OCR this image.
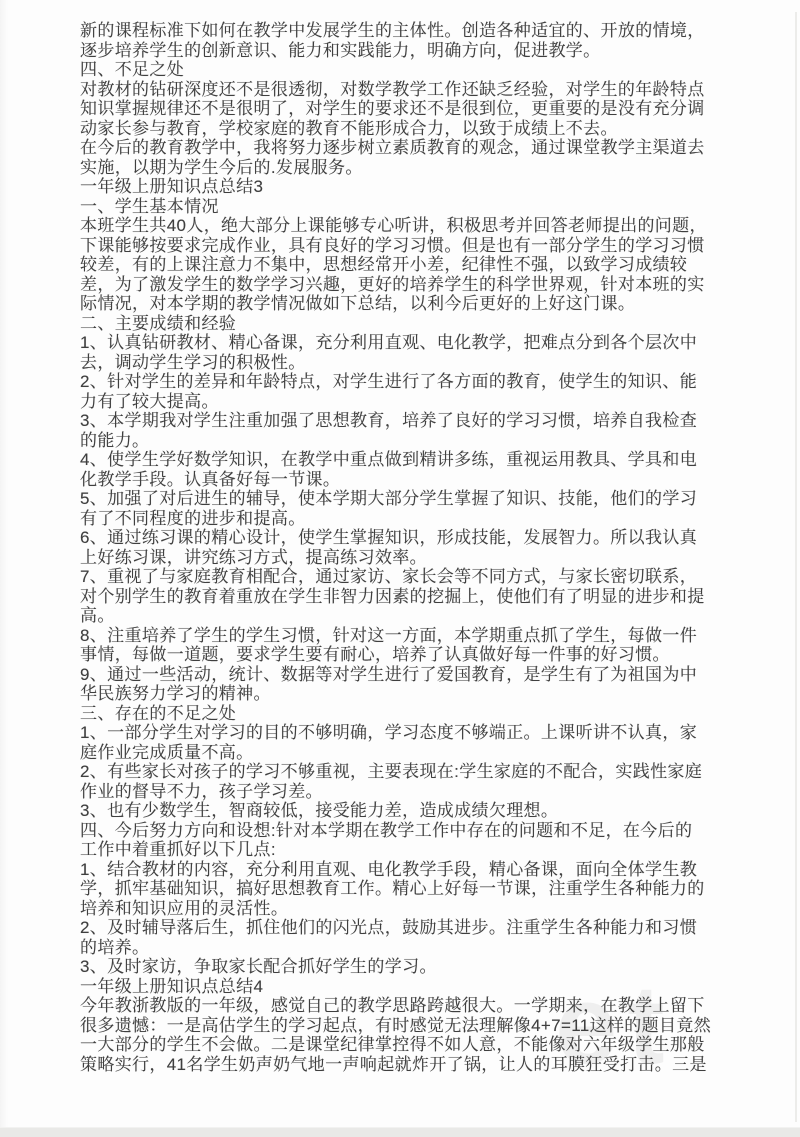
et
新的课程标准下如何在教学中发展学生的主体性。创造各种适宜的、开放的情境，
逐步培养学生的创新意识、能力和实践能力，明确方向，促进教学。
四、不足之处
对教材的钻研深度还不是很透彻，对数学教学工作还缺乏经验，对学生的年龄特点
知识掌握规律还不是很明了，对学生的要求还不是很到位，更重要的是没有充分调
动家长参与教育，学校家庭的教育不能形成合力，以致于成绩上不去。
在今后的教育教学中，我将努力逐步树立素质教育的观念，通过课堂教学主渠道去
实施，以期为学生今后的.发展服务。
一年级上册知识点总结3
一、学生基本情况
本班学生共40人，绝大部分上课能够专心听讲，积极思考并回答老师提出的问题，
下课能够按要求完成作业，具有良好的学习习惯。但是也有一部分学生的学习习惯
较差，有的上课注意力不集中，思想经常开小差，纪律性不强，以致学习成绩较
差，为了激发学生的数学学习兴趣，更好的培养学生的科学世界观，针对本班的实
际情况，对本学期的教学情况做如下总结，以利今后更好的上好这门课。
二、主要成绩和经验
1、认真钻研教材、精心备课，充分利用直观、电化教学，把难点分到各个层次中
去，调动学生学习的积极性。
2、针对学生的差异和年龄特点，对学生进行了各方面的教育，使学生的知识、能
力有了较大提高。
3、本学期我对学生注重加强了思想教育，培养了良好的学习习惯，培养自我检查
的能力。
4、使学生学好数学知识，在教学中重点做到精讲多练，重视运用教具、学具和电
化教学手段。认真备好每一节课。
5、加强了对后进生的辅导，使本学期大部分学生掌握了知识、技能，他们的学习
有了不同程度的进步和提高。
6、通过练习课的精心设计，使学生掌握知识，形成技能，发展智力。所以我认真
上好练习课，讲究练习方式，提高练习效率。
7、重视了与家庭教育相配合，通过家访、家长会等不同方式，与家长密切联系，
对个别学生的教育着重放在学生非智力因素的挖掘上，使他们有了明显的进步和提
高。
8、注重培养了学生的学生习惯，针对这一方面，本学期重点抓了学生，每做一件
事情，每做一道题，要求学生要有耐心，培养了认真做好每一件事的好习惯。
9、通过一些活动，统计、数据等对学生进行了爱国教育，是学生有了为祖国为中
华民族努力学习的精神。
三、存在的不足之处
1、一部分学生对学习的目的不够明确，学习态度不够端正。上课听讲不认真，家
庭作业完成质量不高。
2、有些家长对孩子的学习不够重视，主要表现在:学生家庭的不配合，实践性家庭
作业的督导不力，孩子学习差。
3、也有少数学生，智商较低，接受能力差，造成成绩欠理想。
四、今后努力方向和设想:针对本学期在教学工作中存在的问题和不足，在今后的
工作中着重抓好以下几点:
1、结合教材的内容，充分利用直观、电化教学手段，精心备课，面向全体学生教
学，抓牢基础知识，搞好思想教育工作。精心上好每一节课，注重学生各种能力的
培养和知识应用的灵活性。
2、及时辅导落后生，抓住他们的闪光点，鼓励其进步。注重学生各种能力和习惯
的培养。
3、及时家访，争取家长配合抓好学生的学习。
一年级上册知识点总结4
今年教浙教版的一年级，感觉自己的教学思路跨越很大。一学期来，在教学上留下
很多遗憾：一是高估学生的学习起点，有时感觉无法理解像4+7=11这样的题目竟然
一大部分的学生不会做。二是课堂纪律掌控得不如人意，不能像对六年级学生那般
策略实行，41名学生奶声奶气地一声响起就炸开了锅，让人的耳膜狂受打击。三是
